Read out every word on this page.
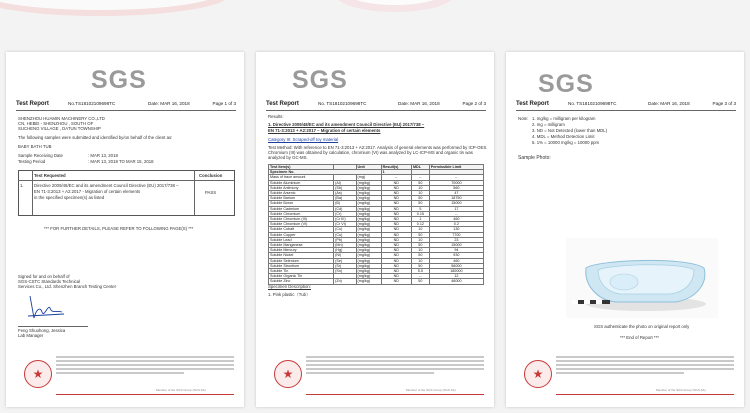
SGS
Test Report	No.TS18102109698TC	Date: MAR 16, 2018	Page 1 of 3
SHENZHOU HUAMIN MACHINERY CO.,LTD
CN, HEBEI - SHENZHOU , SOUTH OF
SUCHENG VILLAGE , DATUN TOWNSHIP
The following samples were submitted and identified by/on behalf of the client as:
BABY BATH TUB
Sample Receiving Date	: MAR 13, 2018
Testing Period	: MAR 13, 2018 TO MAR 15, 2018
Test Requested	Conclusion
1. Directive 2009/48/EC and its amendment Council Directive (EU) 2017/738 –
EN 71-3:2013 + A2:2017 - Migration of certain elements
in the specified specimen(s) as listed
PASS
*** FOR FURTHER DETAILS, PLEASE REFER TO FOLLOWING PAGE(S) ***
Signed for and on behalf of
SGS-CSTC Standards Technical
Services Co., Ltd. Shenzhen Branch Testing Center
Feng Shuohong, Jessica
Lab Manager
★
Member of the SGS Group (SGS SA)
SGS
Test Report	No. TS18102109698TC	Date: MAR 16, 2018	Page 2 of 3
Results:
1. Directive 2009/48/EC and its amendment Council Directive (EU) 2017/738 –
EN 71-3:2013 + A2:2017 – Migration of certain elements
Category III: Scraped-off toy material
Test Method: With reference to EN 71-3:2013 + A2:2017. Analysis of general elements was performed by ICP-OES.
Chromium (III) was obtained by calculation, chromium (VI) was analyzed by LC-ICP-MS and organic tin was
analyzed by GC-MS.
Test Item(s)		Unit	Result(s)	MDL	Permissible Limit
Specimen No.			1		
Mass of trace amount		(mg)	--	--	--
Soluble Aluminium	(Al)	(mg/kg)	ND	50	70000
Soluble Antimony	(Sb)	(mg/kg)	ND	10	560
Soluble Arsenic	(As)	(mg/kg)	ND	10	47
Soluble Barium	(Ba)	(mg/kg)	ND	50	18750
Soluble Boron	(B)	(mg/kg)	ND	50	15000
Soluble Cadmium	(Cd)	(mg/kg)	ND	5	17
Soluble Chromium	(Cr)	(mg/kg)	ND	0.15	--
Soluble Chromium (III)	(Cr III)	(mg/kg)	ND	1	460
Soluble Chromium (VI)	(Cr VI)	(mg/kg)	ND	0.12	0.2
Soluble Cobalt	(Co)	(mg/kg)	ND	10	130
Soluble Copper	(Cu)	(mg/kg)	ND	50	7700
Soluble Lead	(Pb)	(mg/kg)	ND	10	23
Soluble Manganese	(Mn)	(mg/kg)	ND	50	15000
Soluble Mercury	(Hg)	(mg/kg)	ND	10	94
Soluble Nickel	(Ni)	(mg/kg)	ND	50	930
Soluble Selenium	(Se)	(mg/kg)	ND	10	460
Soluble Strontium	(Sr)	(mg/kg)	ND	50	56000
Soluble Tin	(Sn)	(mg/kg)	ND	5.5	180000
Soluble Organic Tin		(mg/kg)	ND	--	12
Soluble Zinc	(Zn)	(mg/kg)	ND	50	46000
Specimen Description:
1. Pink plastic（Tub）
★
Member of the SGS Group (SGS SA)
SGS
Test Report	No. TS18102109698TC	Date: MAR 16, 2018	Page 3 of 3
Note: 1. mg/kg = milligram per kilogram
2. mg = milligram
3. ND = Not Detected (lower than MDL)
4. MDL = Method Detection Limit
5. 1% = 10000 mg/kg = 10000 ppm
Sample Photo:
SGS authenticate the photo on original report only
*** End of Report ***
★
Member of the SGS Group (SGS SA)
